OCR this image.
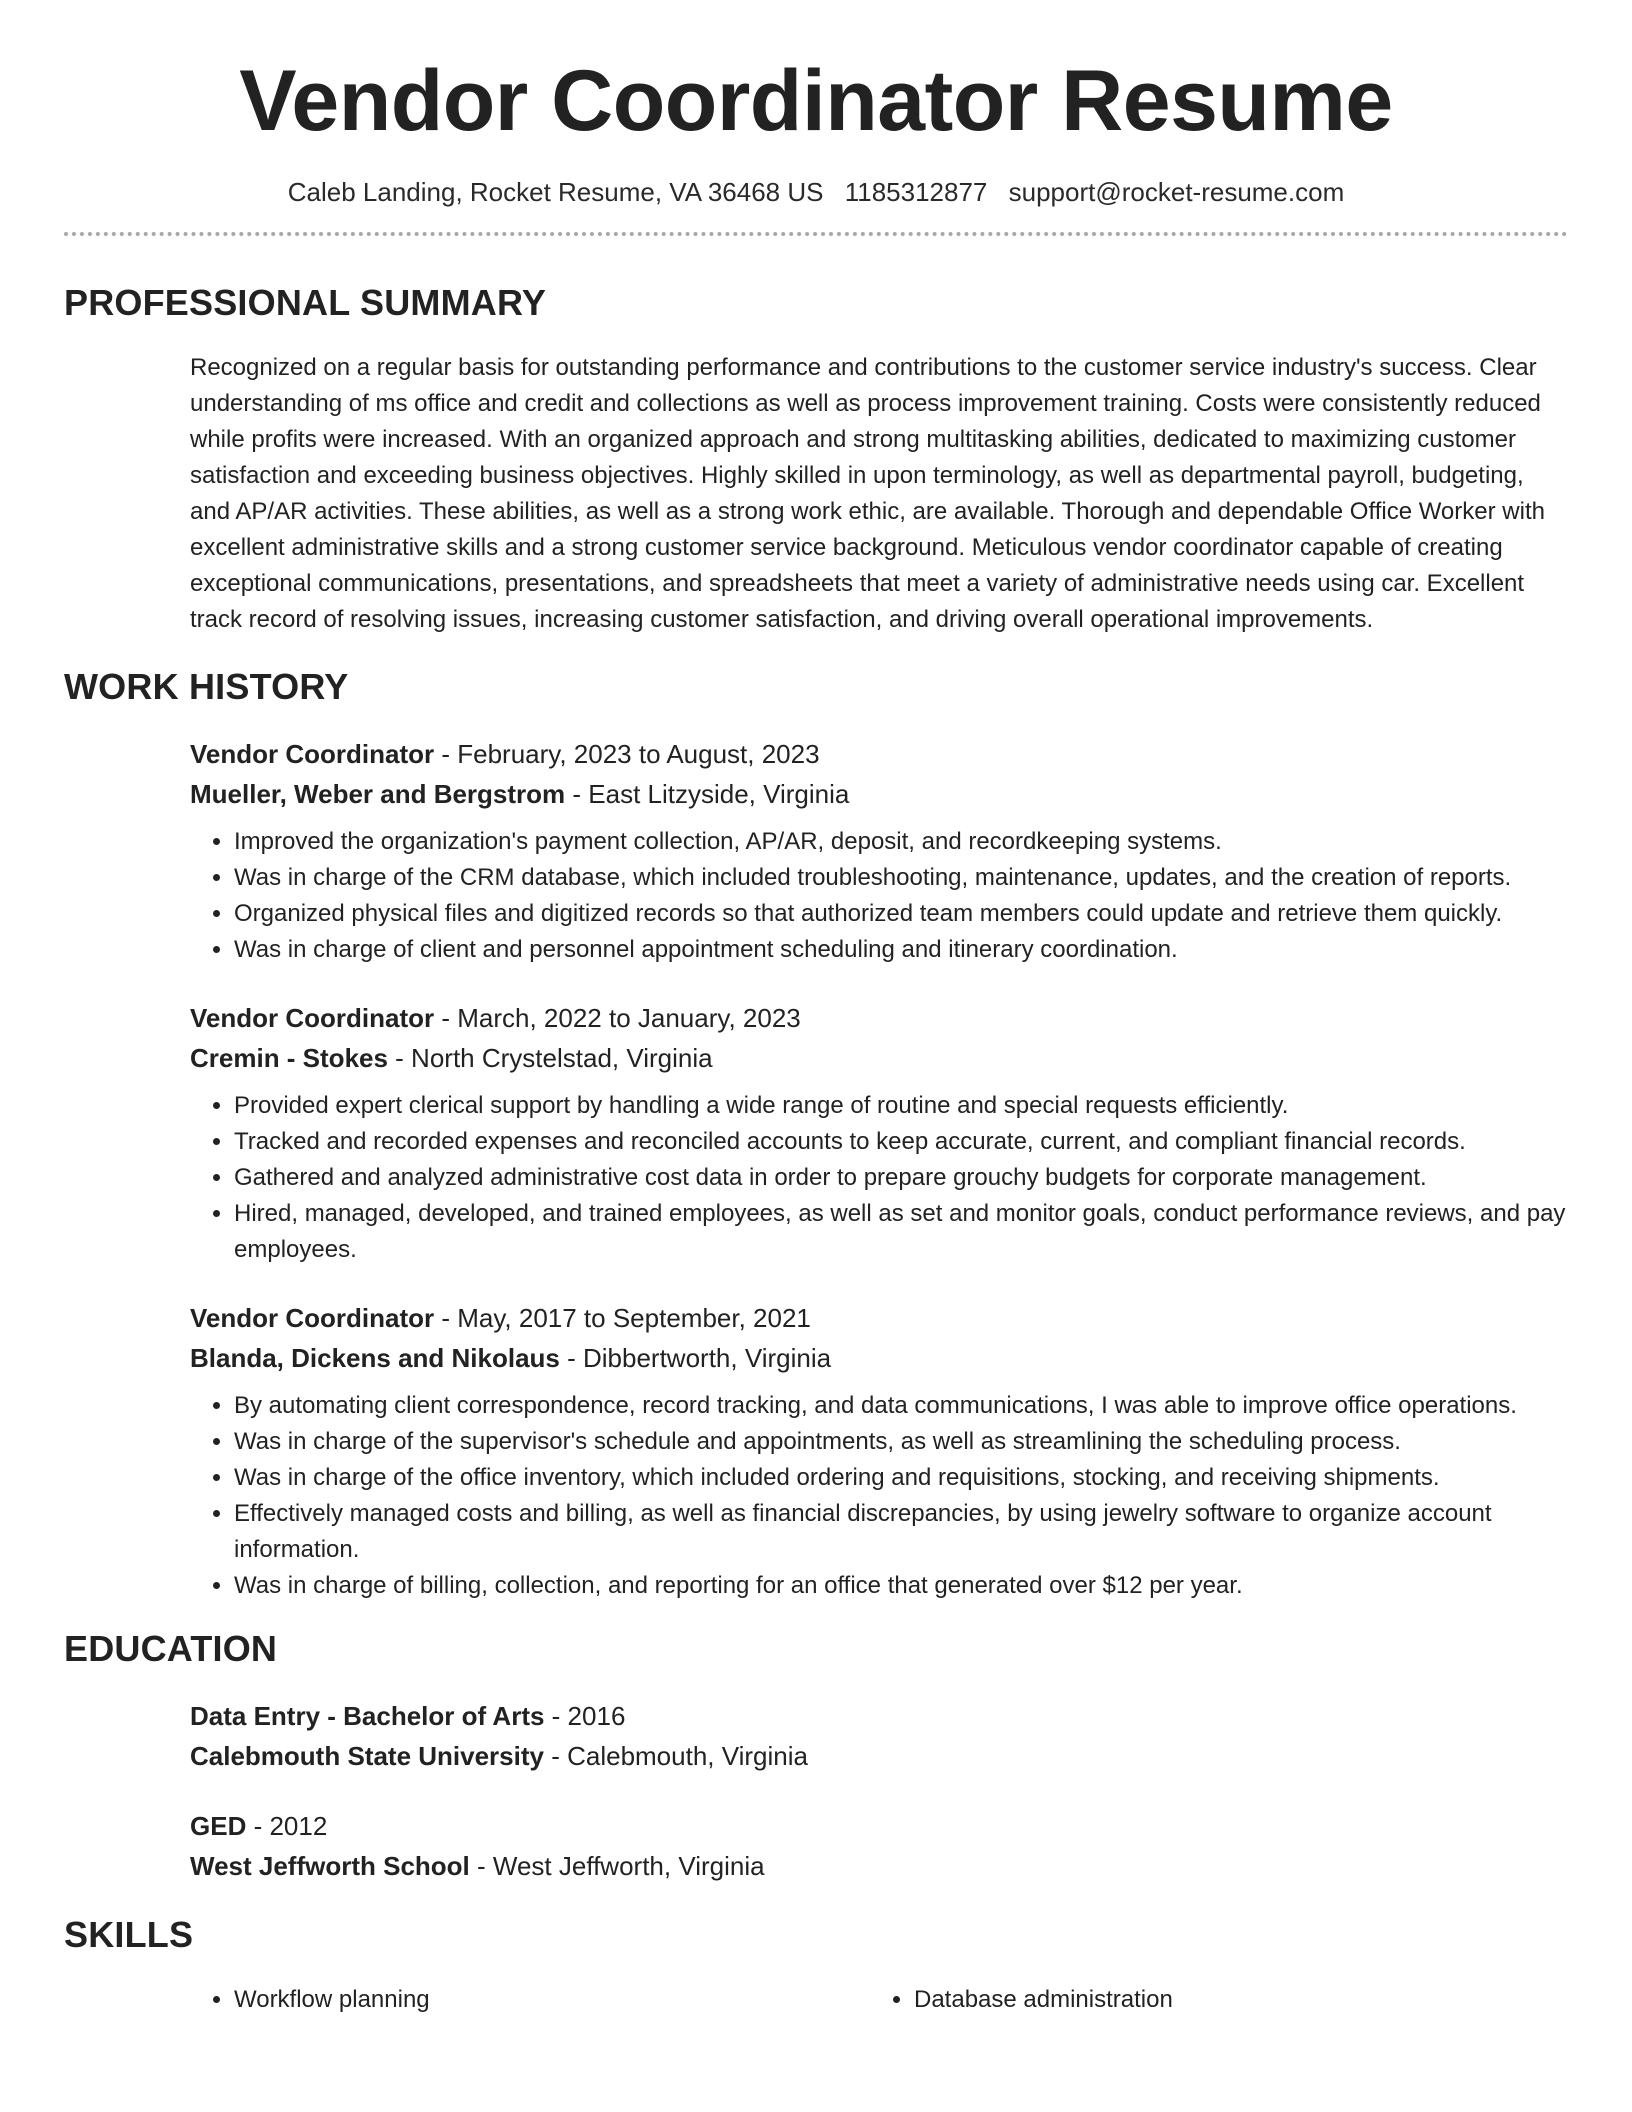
Vendor Coordinator Resume
Caleb Landing, Rocket Resume, VA 36468 US 1185312877 support@rocket-resume.com
PROFESSIONAL SUMMARY
Recognized on a regular basis for outstanding performance and contributions to the customer service industry's success. Clear understanding of ms office and credit and collections as well as process improvement training. Costs were consistently reduced while profits were increased. With an organized approach and strong multitasking abilities, dedicated to maximizing customer satisfaction and exceeding business objectives. Highly skilled in upon terminology, as well as departmental payroll, budgeting, and AP/AR activities. These abilities, as well as a strong work ethic, are available. Thorough and dependable Office Worker with excellent administrative skills and a strong customer service background. Meticulous vendor coordinator capable of creating exceptional communications, presentations, and spreadsheets that meet a variety of administrative needs using car. Excellent track record of resolving issues, increasing customer satisfaction, and driving overall operational improvements.
WORK HISTORY
Vendor Coordinator - February, 2023 to August, 2023
Mueller, Weber and Bergstrom - East Litzyside, Virginia
• Improved the organization's payment collection, AP/AR, deposit, and recordkeeping systems.
• Was in charge of the CRM database, which included troubleshooting, maintenance, updates, and the creation of reports.
• Organized physical files and digitized records so that authorized team members could update and retrieve them quickly.
• Was in charge of client and personnel appointment scheduling and itinerary coordination.
Vendor Coordinator - March, 2022 to January, 2023
Cremin - Stokes - North Crystelstad, Virginia
• Provided expert clerical support by handling a wide range of routine and special requests efficiently.
• Tracked and recorded expenses and reconciled accounts to keep accurate, current, and compliant financial records.
• Gathered and analyzed administrative cost data in order to prepare grouchy budgets for corporate management.
• Hired, managed, developed, and trained employees, as well as set and monitor goals, conduct performance reviews, and pay employees.
Vendor Coordinator - May, 2017 to September, 2021
Blanda, Dickens and Nikolaus - Dibbertworth, Virginia
• By automating client correspondence, record tracking, and data communications, I was able to improve office operations.
• Was in charge of the supervisor's schedule and appointments, as well as streamlining the scheduling process.
• Was in charge of the office inventory, which included ordering and requisitions, stocking, and receiving shipments.
• Effectively managed costs and billing, as well as financial discrepancies, by using jewelry software to organize account information.
• Was in charge of billing, collection, and reporting for an office that generated over $12 per year.
EDUCATION
Data Entry - Bachelor of Arts - 2016
Calebmouth State University - Calebmouth, Virginia
GED - 2012
West Jeffworth School - West Jeffworth, Virginia
SKILLS
• Workflow planning
•	Database administration
